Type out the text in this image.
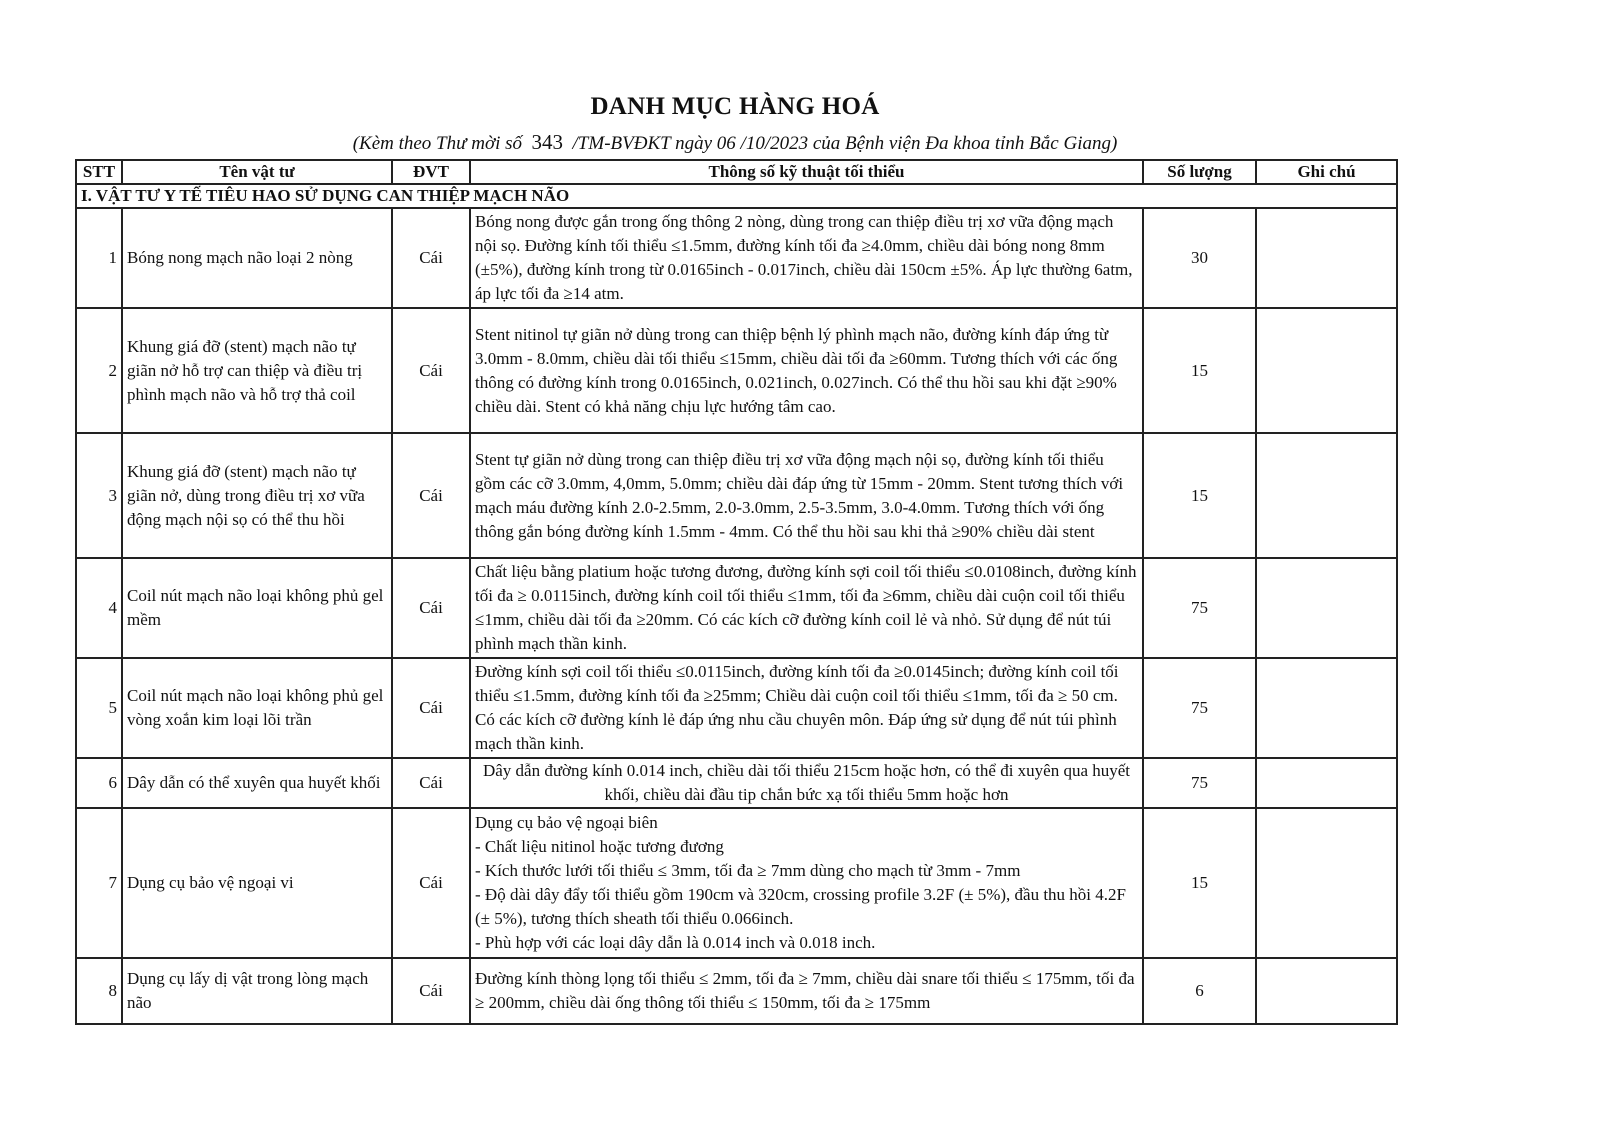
DANH MỤC HÀNG HOÁ
(Kèm theo Thư mời số 343 /TM-BVĐKT ngày 06 /10/2023 của Bệnh viện Đa khoa tỉnh Bắc Giang)
STT	Tên vật tư	ĐVT	Thông số kỹ thuật tối thiểu	Số lượng	Ghi chú
I. VẬT TƯ Y TẾ TIÊU HAO SỬ DỤNG CAN THIỆP MẠCH NÃO					
1	Bóng nong mạch não loại 2 nòng	Cái	Bóng nong được gắn trong ống thông 2 nòng, dùng trong can thiệp điều trị xơ vữa động mạch nội sọ. Đường kính tối thiểu ≤1.5mm, đường kính tối đa ≥4.0mm, chiều dài bóng nong 8mm (±5%), đường kính trong từ 0.0165inch - 0.017inch, chiều dài 150cm ±5%. Áp lực thường 6atm, áp lực tối đa ≥14 atm.	30	
2	Khung giá đỡ (stent) mạch não tự giãn nở hỗ trợ can thiệp và điều trị phình mạch não và hỗ trợ thả coil	Cái	Stent nitinol tự giãn nở dùng trong can thiệp bệnh lý phình mạch não, đường kính đáp ứng từ 3.0mm - 8.0mm, chiều dài tối thiểu ≤15mm, chiều dài tối đa ≥60mm. Tương thích với các ống thông có đường kính trong 0.0165inch, 0.021inch, 0.027inch. Có thể thu hồi sau khi đặt ≥90% chiều dài. Stent có khả năng chịu lực hướng tâm cao.	15	
3	Khung giá đỡ (stent) mạch não tự giãn nở, dùng trong điều trị xơ vữa động mạch nội sọ có thể thu hồi	Cái	Stent tự giãn nở dùng trong can thiệp điều trị xơ vữa động mạch nội sọ, đường kính tối thiểu gồm các cỡ 3.0mm, 4,0mm, 5.0mm; chiều dài đáp ứng từ 15mm - 20mm. Stent tương thích với mạch máu đường kính 2.0-2.5mm, 2.0-3.0mm, 2.5-3.5mm, 3.0-4.0mm. Tương thích với ống thông gắn bóng đường kính 1.5mm - 4mm. Có thể thu hồi sau khi thả ≥90% chiều dài stent	15	
4	Coil nút mạch não loại không phủ gel mềm	Cái	Chất liệu bằng platium hoặc tương đương, đường kính sợi coil tối thiểu ≤0.0108inch, đường kính tối đa ≥ 0.0115inch, đường kính coil tối thiểu ≤1mm, tối đa ≥6mm, chiều dài cuộn coil tối thiểu ≤1mm, chiều dài tối đa ≥20mm. Có các kích cỡ đường kính coil lẻ và nhỏ. Sử dụng để nút túi phình mạch thần kinh.	75	
5	Coil nút mạch não loại không phủ gel vòng xoắn kim loại lõi trần	Cái	Đường kính sợi coil tối thiểu ≤0.0115inch, đường kính tối đa ≥0.0145inch; đường kính coil tối thiểu ≤1.5mm, đường kính tối đa ≥25mm; Chiều dài cuộn coil tối thiểu ≤1mm, tối đa ≥ 50 cm. Có các kích cỡ đường kính lẻ đáp ứng nhu cầu chuyên môn. Đáp ứng sử dụng để nút túi phình mạch thần kinh.	75	
6	Dây dẫn có thể xuyên qua huyết khối	Cái	Dây dẫn đường kính 0.014 inch, chiều dài tối thiểu 215cm hoặc hơn, có thể đi xuyên qua huyết khối, chiều dài đầu tip chắn bức xạ tối thiểu 5mm hoặc hơn	75	
7	Dụng cụ bảo vệ ngoại vi	Cái	Dụng cụ bảo vệ ngoại biên
- Chất liệu nitinol hoặc tương đương
- Kích thước lưới tối thiểu ≤ 3mm, tối đa ≥ 7mm dùng cho mạch từ 3mm - 7mm
- Độ dài dây đẩy tối thiểu gồm 190cm và 320cm, crossing profile 3.2F (± 5%), đầu thu hồi 4.2F (± 5%), tương thích sheath tối thiểu 0.066inch.
- Phù hợp với các loại dây dẫn là 0.014 inch và 0.018 inch.	15	
8	Dụng cụ lấy dị vật trong lòng mạch não	Cái	Đường kính thòng lọng tối thiểu ≤ 2mm, tối đa ≥ 7mm, chiều dài snare tối thiểu ≤ 175mm, tối đa ≥ 200mm, chiều dài ống thông tối thiểu ≤ 150mm, tối đa ≥ 175mm	6	
